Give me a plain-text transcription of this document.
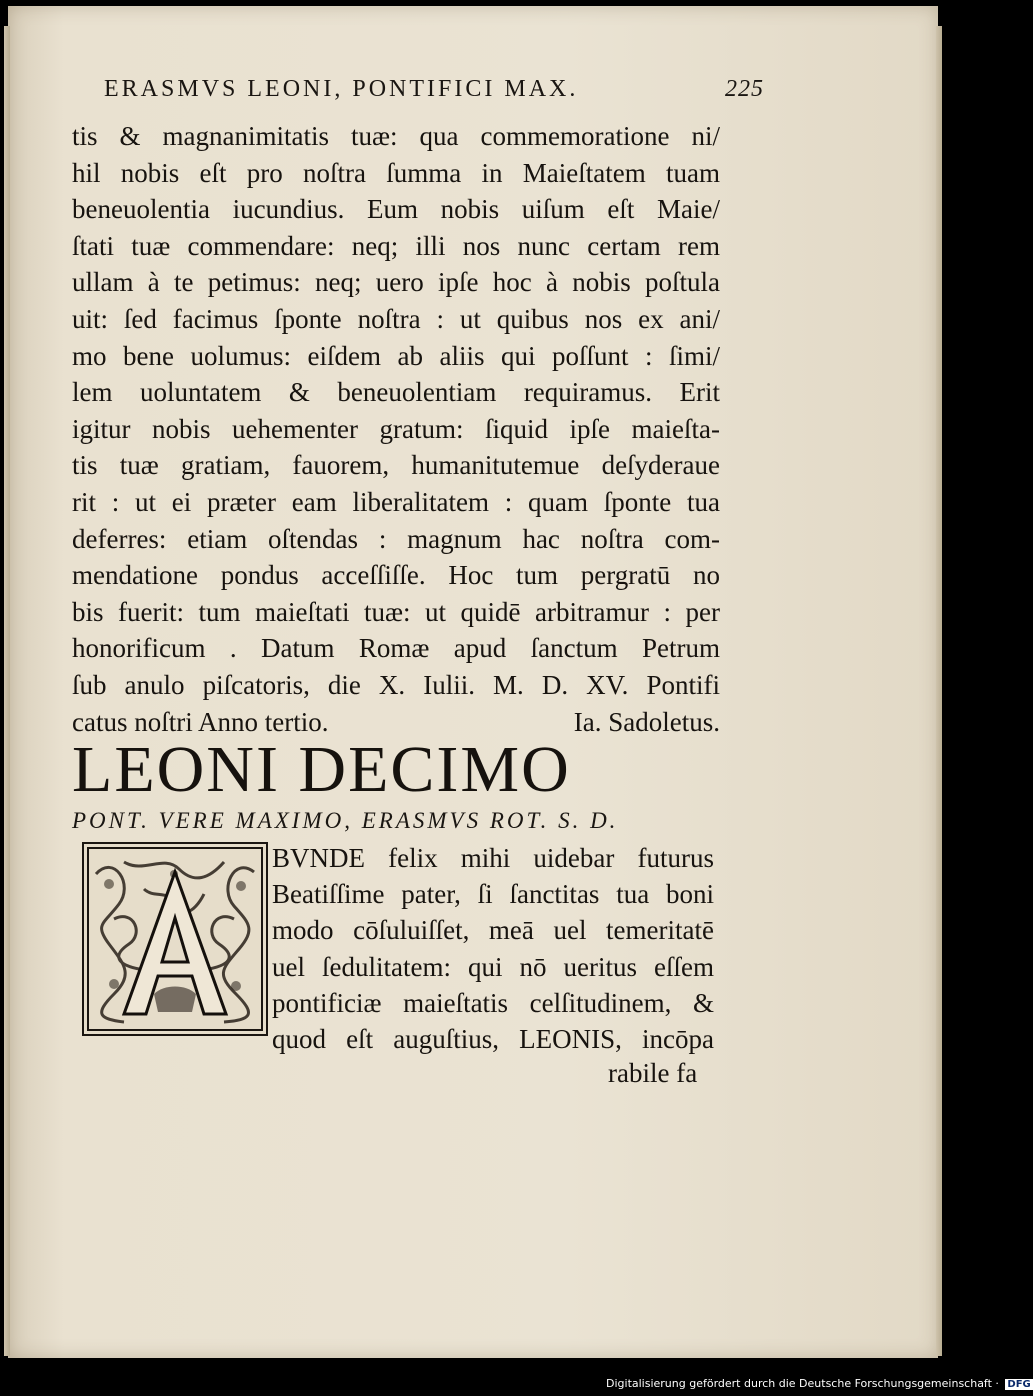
ERASMVS LEONI, PONTIFICI MAX.	225
tis & magnanimitatis tuæ: qua commemoratione ni/
hil nobis eſt pro noſtra ſumma in Maieſtatem tuam
beneuolentia iucundius. Eum nobis uiſum eſt Maie/
ſtati tuæ commendare: neq; illi nos nunc certam rem
ullam à te petimus: neq; uero ipſe hoc à nobis poſtula
uit: ſed facimus ſponte noſtra : ut quibus nos ex ani/
mo bene uolumus: eiſdem ab aliis qui poſſunt : ſimi/
lem uoluntatem & beneuolentiam requiramus. Erit
igitur nobis uehementer gratum: ſiquid ipſe maieſta-
tis tuæ gratiam, fauorem, humanitutemue deſyderaue
rit : ut ei præter eam liberalitatem : quam ſponte tua
deferres: etiam oſtendas : magnum hac noſtra com-
mendatione pondus acceſſiſſe. Hoc tum pergratū no
bis fuerit: tum maieſtati tuæ: ut quidē arbitramur : per
honorificum . Datum Romæ apud ſanctum Petrum
ſub anulo piſcatoris, die X. Iulii. M. D. XV. Pontifi
catus noſtri Anno tertio.	Ia. Sadoletus.
LEONI DECIMO
PONT. VERE MAXIMO, ERASMVS ROT. S. D.
BVNDE felix mihi uidebar futurus
Beatiſſime pater, ſi ſanctitas tua boni
modo cōſuluiſſet, meā uel temeritatē
uel ſedulitatem: qui nō ueritus eſſem
pontificiæ maieſtatis celſitudinem, &
quod eſt auguſtius, LEONIS, incōpa
rabile fa
Digitalisierung gefördert durch die Deutsche Forschungsgemeinschaft · DFG
